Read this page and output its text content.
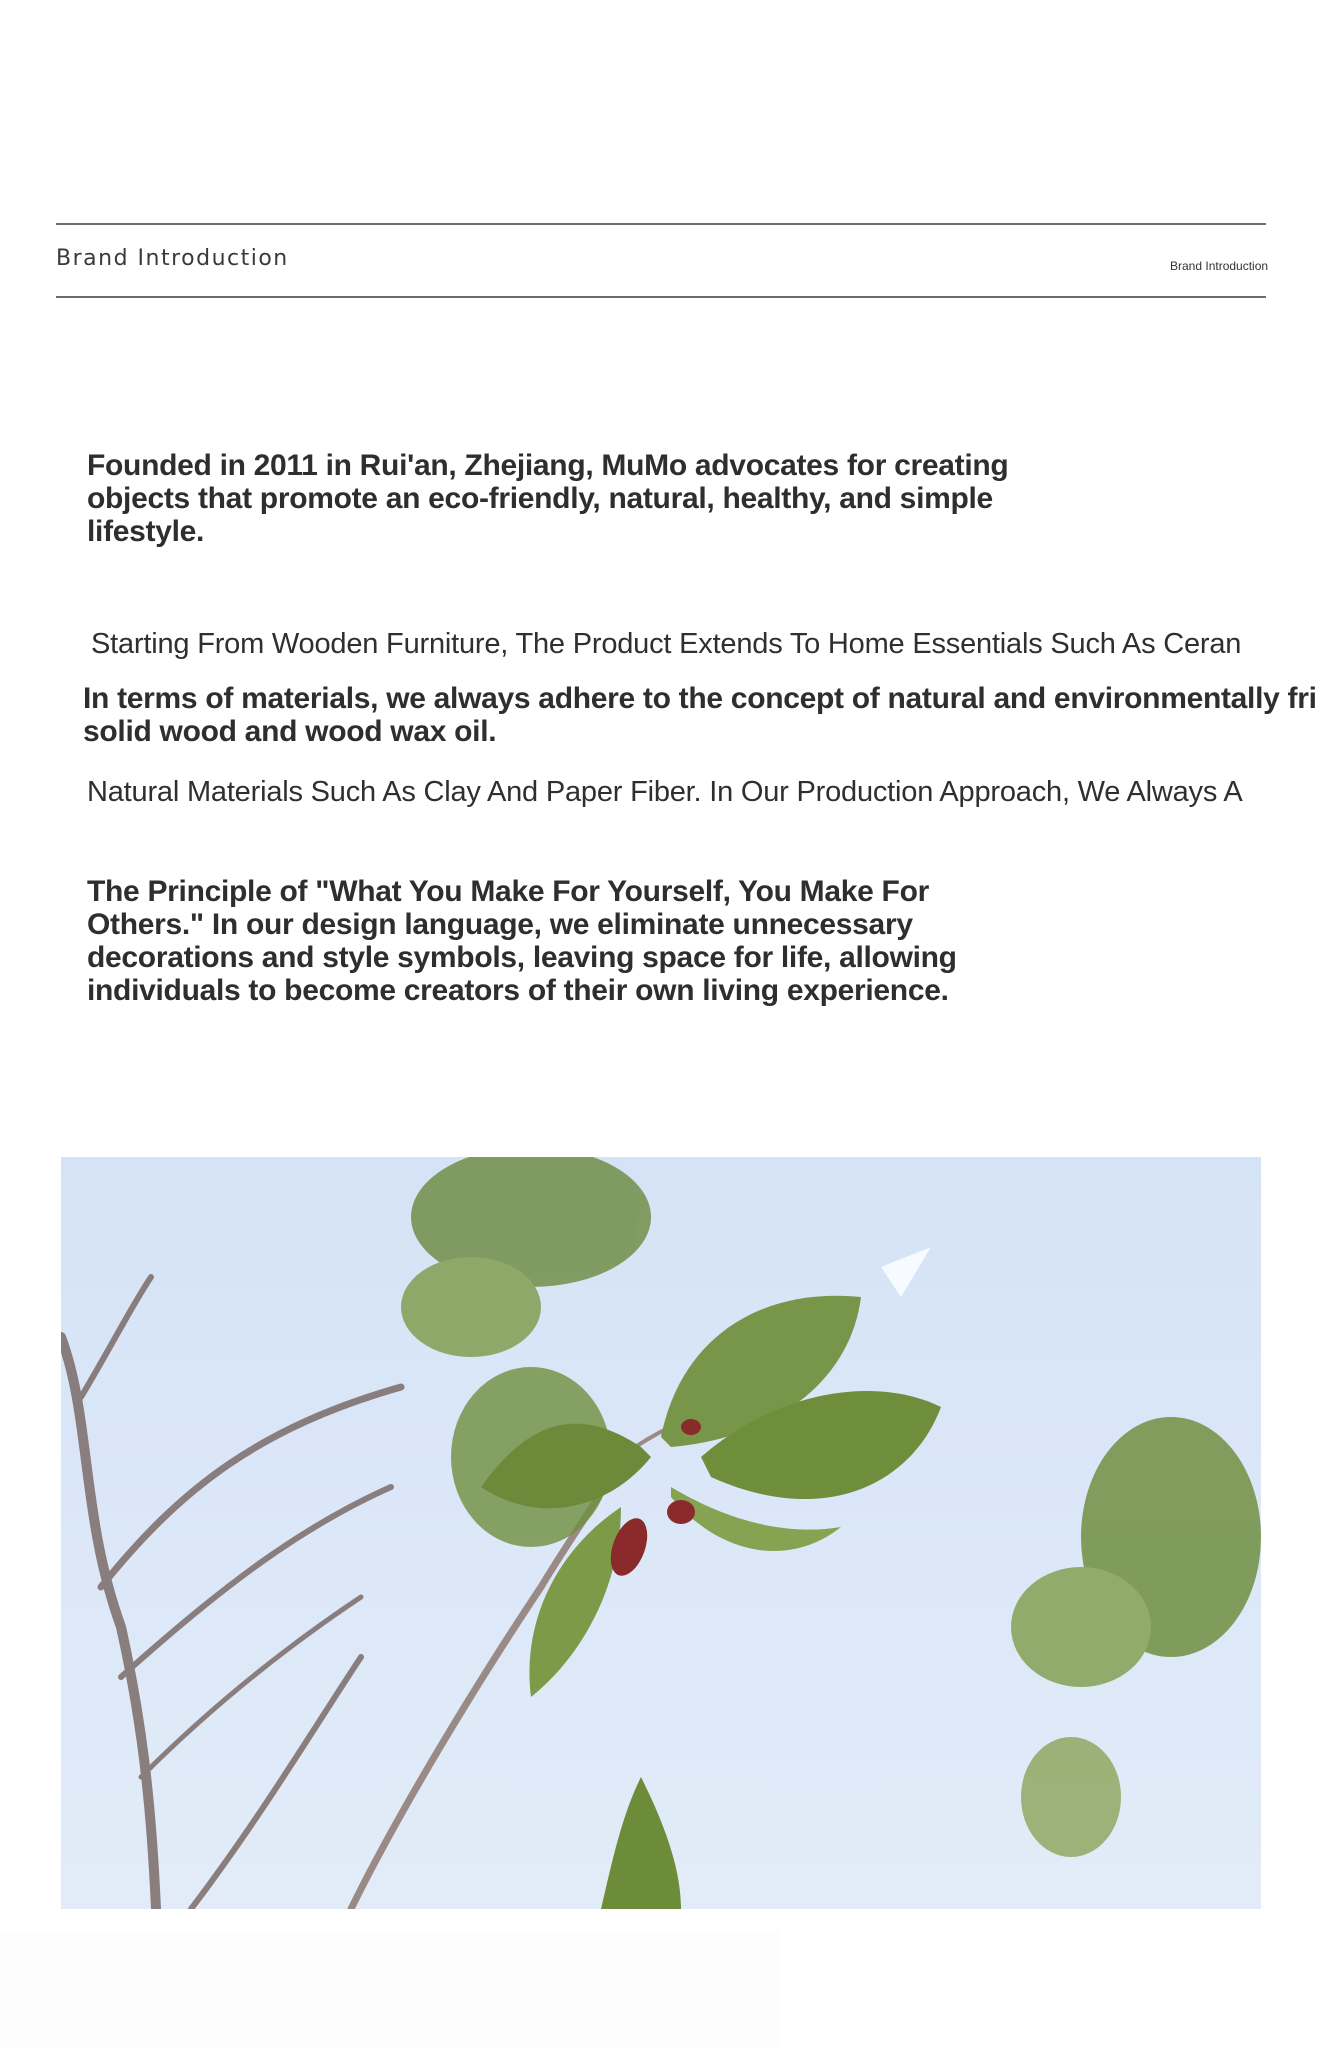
Brand Introduction	Brand Introduction
Founded in 2011 in Rui'an, Zhejiang, MuMo advocates for creating objects that promote an eco-friendly, natural, healthy, and simple lifestyle.
Starting From Wooden Furniture, The Product Extends To Home Essentials Such As Ceran
In terms of materials, we always adhere to the concept of natural and environmentally fri
solid wood and wood wax oil.
Natural Materials Such As Clay And Paper Fiber. In Our Production Approach, We Always A
The Principle of "What You Make For Yourself, You Make For Others." In our design language, we eliminate unnecessary decorations and style symbols, leaving space for life, allowing individuals to become creators of their own living experience.
